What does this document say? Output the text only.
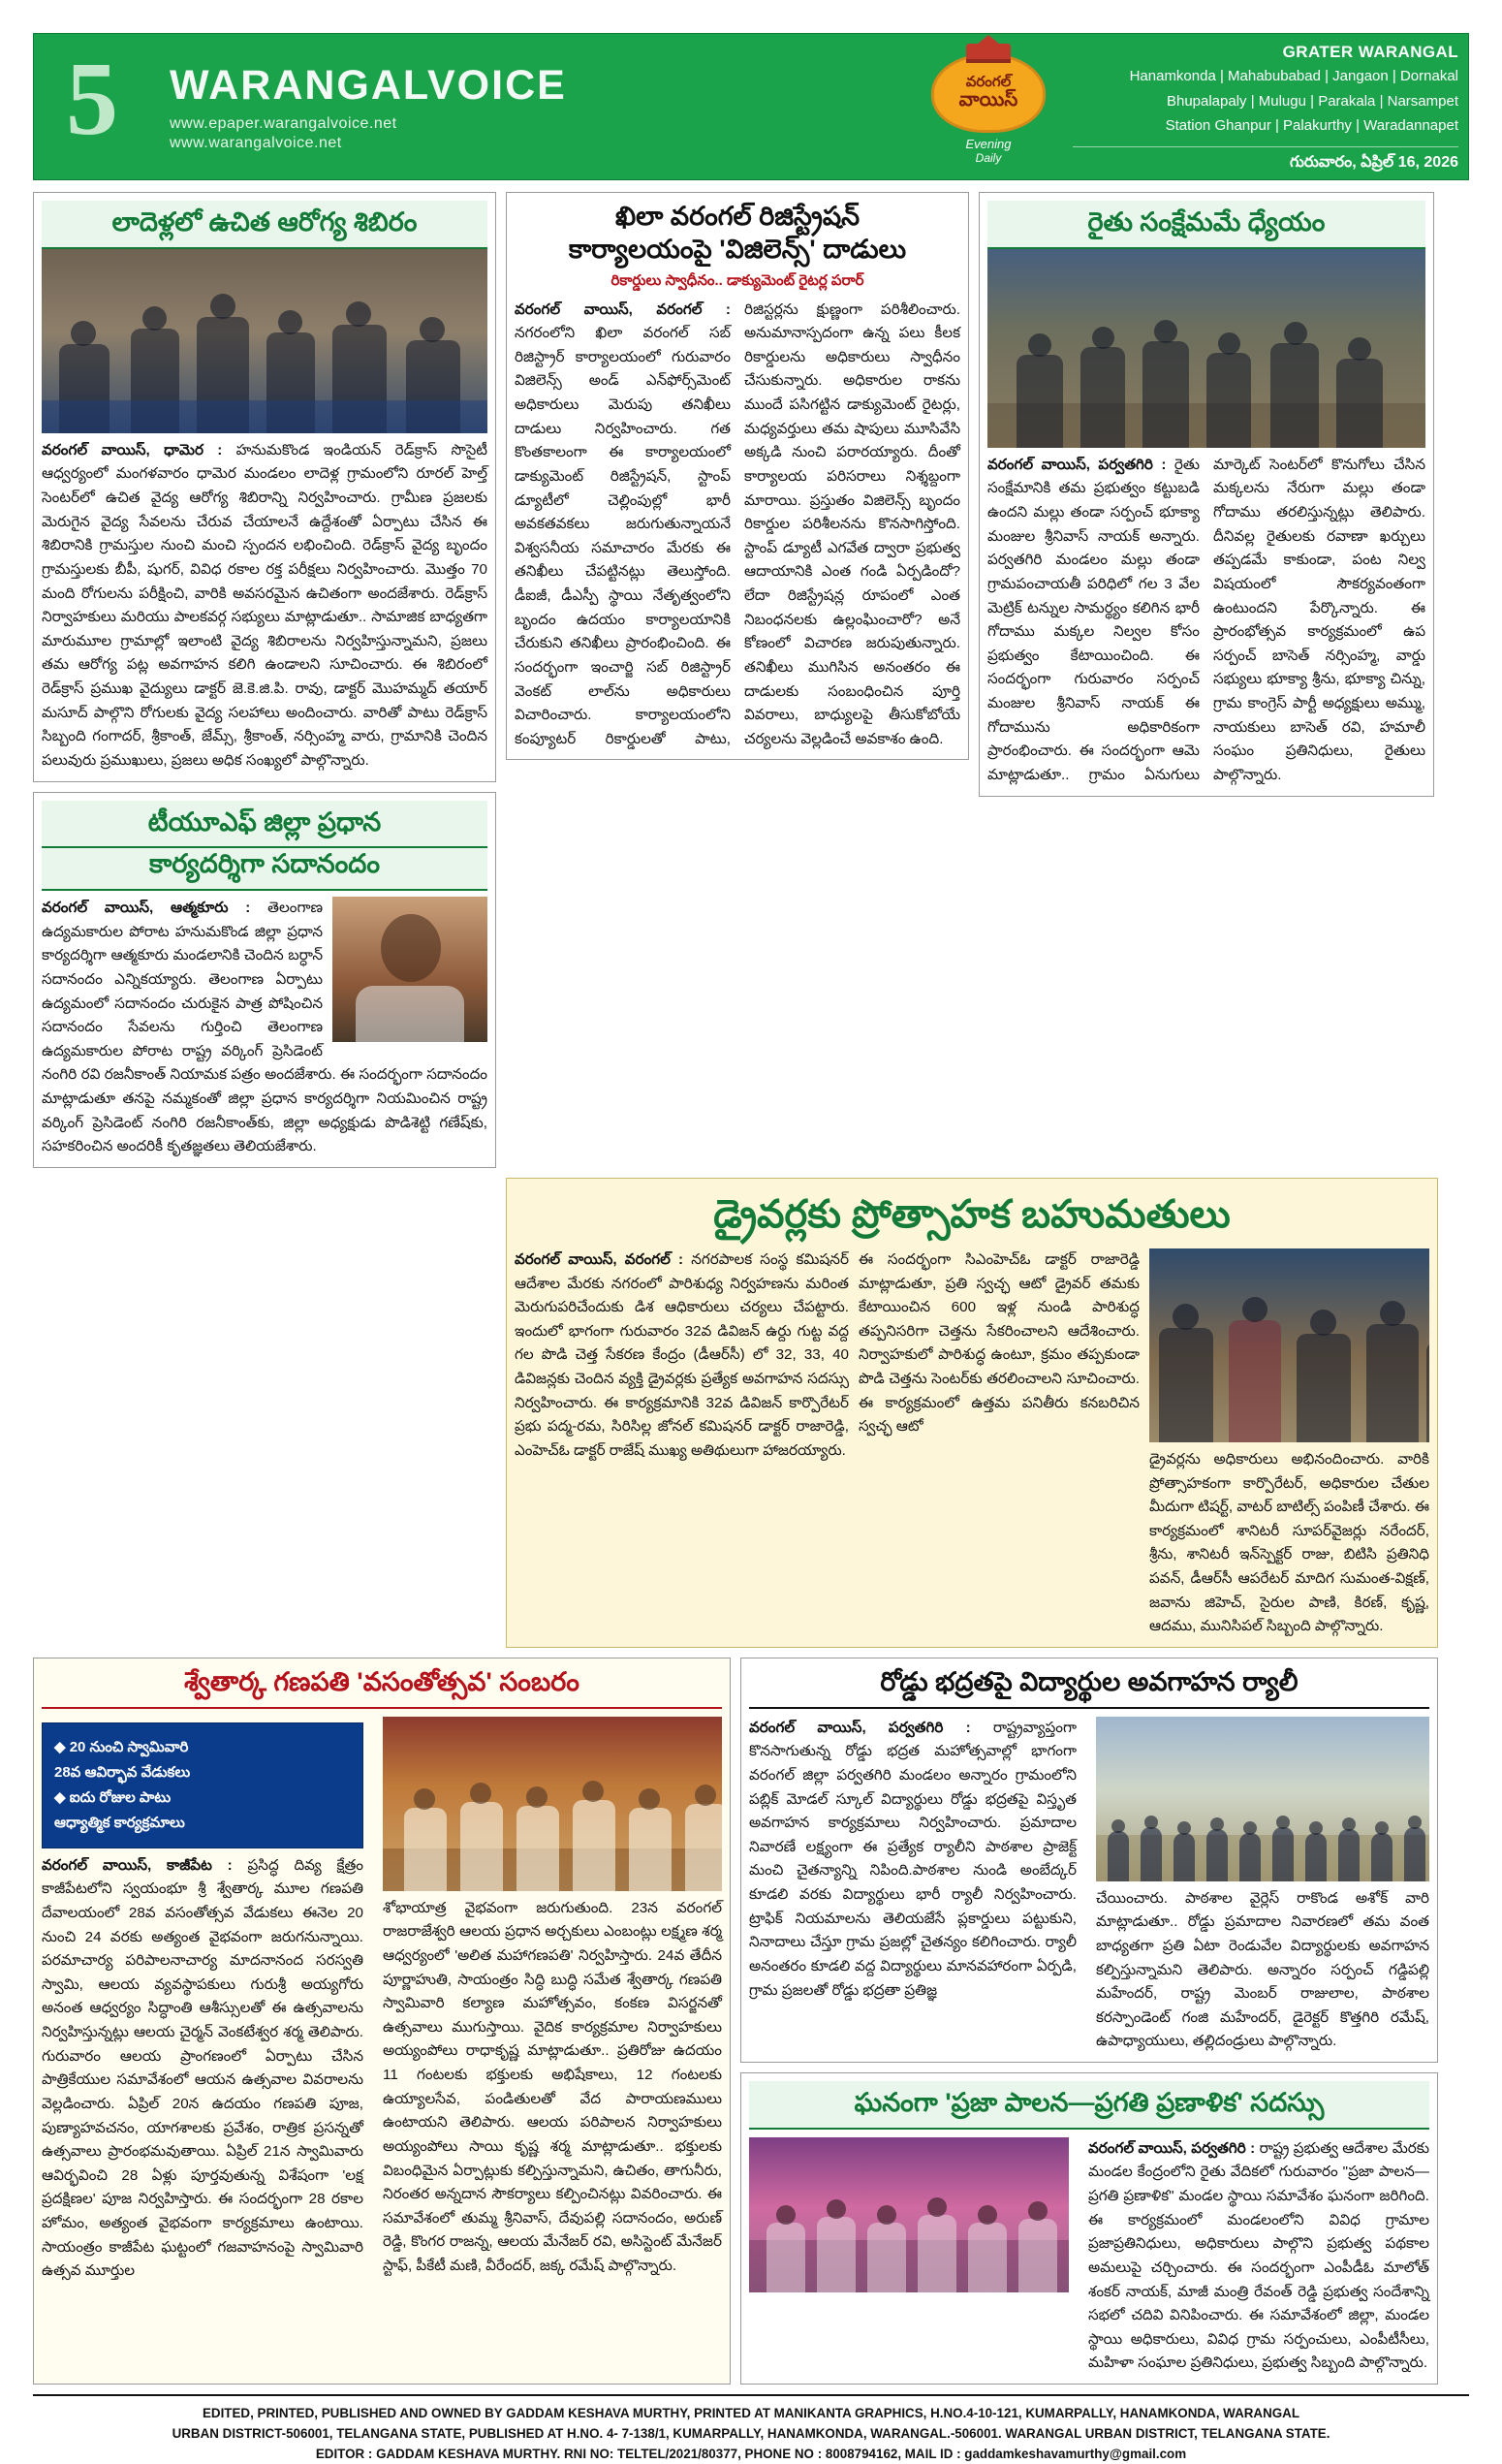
5	WARANGALVOICE
www.epaper.warangalvoice.net
www.warangalvoice.net
వరంగల్
వాయిస్
Evening
Daily
GRATER WARANGAL
Hanamkonda | Mahabubabad | Jangaon | Dornakal
Bhupalapaly | Mulugu | Parakala | Narsampet
Station Ghanpur | Palakurthy | Waradannapet
గురువారం, ఏప్రిల్ 16, 2026
లాదెళ్లలో ఉచిత ఆరోగ్య శిబిరం
వరంగల్ వాయిస్, ధామెర : హనుమకొండ ఇండియన్ రెడ్‌క్రాస్ సొసైటీ ఆధ్వర్యంలో మంగళవారం ధామెర మండలం లాదెళ్ల గ్రామంలోని రూరల్ హెల్త్ సెంటర్‌లో ఉచిత వైద్య ఆరోగ్య శిబిరాన్ని నిర్వహించారు. గ్రామీణ ప్రజలకు మెరుగైన వైద్య సేవలను చేరువ చేయాలనే ఉద్దేశంతో ఏర్పాటు చేసిన ఈ శిబిరానికి గ్రామస్తుల నుంచి మంచి స్పందన లభించింది. రెడ్‌క్రాస్ వైద్య బృందం గ్రామస్తులకు బీపీ, షుగర్, వివిధ రకాల రక్త పరీక్షలు నిర్వహించారు. మొత్తం 70 మంది రోగులను పరీక్షించి, వారికి అవసరమైన ఉచితంగా అందజేశారు. రెడ్‌క్రాస్ నిర్వాహకులు మరియు పాలకవర్గ సభ్యులు మాట్లాడుతూ.. సామాజిక బాధ్యతగా మారుమూల గ్రామాల్లో ఇలాంటి వైద్య శిబిరాలను నిర్వహిస్తున్నామని, ప్రజలు తమ ఆరోగ్య పట్ల అవగాహన కలిగి ఉండాలని సూచించారు. ఈ శిబిరంలో రెడ్‌క్రాస్ ప్రముఖ వైద్యులు డాక్టర్ జె.కె.జి.పి. రావు, డాక్టర్ మొహమ్మద్ తయార్ మసూద్ పాల్గొని రోగులకు వైద్య సలహాలు అందించారు. వారితో పాటు రెడ్‌క్రాస్ సిబ్బంది గంగాదర్, శ్రీకాంత్, జేమ్స్, శ్రీకాంత్, నర్సింహ్మ వారు, గ్రామానికి చెందిన పలువురు ప్రముఖులు, ప్రజలు అధిక సంఖ్యలో పాల్గొన్నారు.
టీయూఎఫ్ జిల్లా ప్రధాన
కార్యదర్శిగా సదానందం
వరంగల్ వాయిస్, ఆత్మకూరు : తెలంగాణ ఉద్యమకారుల పోరాట హనుమకొండ జిల్లా ప్రధాన కార్యదర్శిగా ఆత్మకూరు మండలానికి చెందిన బర్ధాన్ సదానందం ఎన్నికయ్యారు. తెలంగాణ ఏర్పాటు ఉద్యమంలో సదానందం చురుకైన పాత్ర పోషించిన సదానందం సేవలను గుర్తించి తెలంగాణ ఉద్యమకారుల పోరాట రాష్ట్ర వర్కింగ్ ప్రెసిడెంట్ నంగిరి రవి రజనీకాంత్ నియామక పత్రం అందజేశారు. ఈ సందర్భంగా సదానందం మాట్లాడుతూ తనపై నమ్మకంతో జిల్లా ప్రధాన కార్యదర్శిగా నియమించిన రాష్ట్ర వర్కింగ్ ప్రెసిడెంట్ నంగిరి రజనీకాంత్‌కు, జిల్లా అధ్యక్షుడు పొడిశెట్టి గణేష్‌కు, సహకరించిన అందరికీ కృతజ్ఞతలు తెలియజేశారు.
ఖిలా వరంగల్ రిజిస్ట్రేషన్
కార్యాలయంపై 'విజిలెన్స్' దాడులు
రికార్డులు స్వాధీనం.. డాక్యుమెంట్ రైటర్ల పరార్
వరంగల్ వాయిస్, వరంగల్ : నగరంలోని ఖిలా వరంగల్ సబ్ రిజిస్ట్రార్ కార్యాలయంలో గురువారం విజిలెన్స్ అండ్ ఎన్‌ఫోర్స్‌మెంట్ అధికారులు మెరుపు తనిఖీలు దాడులు నిర్వహించారు. గత కొంతకాలంగా ఈ కార్యాలయంలో డాక్యుమెంట్ రిజిస్ట్రేషన్, స్టాంప్ డ్యూటీలో చెల్లింపుల్లో భారీ అవకతవకలు జరుగుతున్నాయనే విశ్వసనీయ సమాచారం మేరకు ఈ తనిఖీలు చేపట్టినట్లు తెలుస్తోంది. డీఐజీ, డీఎస్పీ స్థాయి నేతృత్వంలోని బృందం ఉదయం కార్యాలయానికి చేరుకుని తనిఖీలు ప్రారంభించింది. ఈ సందర్భంగా ఇంచార్జి సబ్ రిజిస్ట్రార్ వెంకట్ లాల్‌ను అధికారులు విచారించారు. కార్యాలయంలోని కంప్యూటర్ రికార్డులతో పాటు, రిజిస్టర్లను క్షుణ్ణంగా పరిశీలించారు. అనుమానాస్పదంగా ఉన్న పలు కీలక రికార్డులను అధికారులు స్వాధీనం చేసుకున్నారు. అధికారుల రాకను ముందే పసిగట్టిన డాక్యుమెంట్ రైటర్లు, మధ్యవర్తులు తమ షాపులు మూసివేసి అక్కడి నుంచి పరారయ్యారు. దీంతో కార్యాలయ పరిసరాలు నిశ్శబ్దంగా మారాయి. ప్రస్తుతం విజిలెన్స్ బృందం రికార్డుల పరిశీలనను కొనసాగిస్తోంది. స్టాంప్ డ్యూటీ ఎగవేత ద్వారా ప్రభుత్వ ఆదాయానికి ఎంత గండి ఏర్పడిందో? లేదా రిజిస్ట్రేషన్ల రూపంలో ఎంత నిబంధనలకు ఉల్లంఘించారో? అనే కోణంలో విచారణ జరుపుతున్నారు. తనిఖీలు ముగిసిన అనంతరం ఈ దాడులకు సంబంధించిన పూర్తి వివరాలు, బాధ్యులపై తీసుకోబోయే చర్యలను వెల్లడించే అవకాశం ఉంది.
రైతు సంక్షేమమే ధ్యేయం
వరంగల్ వాయిస్, పర్వతగిరి : రైతు సంక్షేమానికి తమ ప్రభుత్వం కట్టుబడి ఉందని మల్లు తండా సర్పంచ్ భూక్యా మంజుల శ్రీనివాస్ నాయక్ అన్నారు. పర్వతగిరి మండలం మల్లు తండా గ్రామపంచాయతీ పరిధిలో గల 3 వేల మెట్రిక్ టన్నుల సామర్థ్యం కలిగిన భారీ గోదాము మక్కల నిల్వల కోసం ప్రభుత్వం కేటాయించింది. ఈ సందర్భంగా గురువారం సర్పంచ్ మంజుల శ్రీనివాస్ నాయక్ ఈ గోదామును అధికారికంగా ప్రారంభించారు. ఈ సందర్భంగా ఆమె మాట్లాడుతూ.. గ్రామం ఏనుగులు మార్కెట్ సెంటర్‌లో కొనుగోలు చేసిన మక్కలను నేరుగా మల్లు తండా గోదాము తరలిస్తున్నట్లు తెలిపారు. దీనివల్ల రైతులకు రవాణా ఖర్చులు తప్పడమే కాకుండా, పంట నిల్వ విషయంలో సౌకర్యవంతంగా ఉంటుందని పేర్కొన్నారు. ఈ ప్రారంభోత్సవ కార్యక్రమంలో ఉప సర్పంచ్ బాసెత్ నర్సింహ్మ, వార్డు సభ్యులు భూక్యా శ్రీను, భూక్యా చిన్ను, గ్రామ కాంగ్రెస్ పార్టీ అధ్యక్షులు అమ్ము, నాయకులు బాసెత్ రవి, హమాలీ సంఘం ప్రతినిధులు, రైతులు పాల్గొన్నారు.
డ్రైవర్లకు ప్రోత్సాహక బహుమతులు
వరంగల్ వాయిస్, వరంగల్ : నగరపాలక సంస్థ కమిషనర్ ఆదేశాల మేరకు నగరంలో పారిశుధ్య నిర్వహణను మరింత మెరుగుపరిచేందుకు డిశ ఆధికారులు చర్యలు చేపట్టారు. ఇందులో భాగంగా గురువారం 32వ డివిజన్ ఉర్దు గుట్ట వద్ద గల పొడి చెత్త సేకరణ కేంద్రం (డీఆర్‌సీ) లో 32, 33, 40 డివిజన్లకు చెందిన వ్యక్తి డ్రైవర్లకు ప్రత్యేక అవగాహన సదస్సు నిర్వహించారు. ఈ కార్యక్రమానికి 32వ డివిజన్ కార్పొరేటర్ ప్రభు పద్మ-రమ, సిరిసిల్ల జోనల్ కమిషనర్ డాక్టర్ రాజారెడ్డి, ఎంహెచ్‌ఓ డాక్టర్ రాజేష్ ముఖ్య అతిథులుగా హాజరయ్యారు.
ఈ సందర్భంగా సిఎంహెచ్‌ఓ డాక్టర్ రాజారెడ్డి మాట్లాడుతూ, ప్రతి స్వచ్ఛ ఆటో డ్రైవర్ తమకు కేటాయించిన 600 ఇళ్ల నుండి పారిశుద్ధ తప్పనిసరిగా చెత్తను సేకరించాలని ఆదేశించారు. నిర్వాహకులో పారిశుద్ధ ఉంటూ, క్రమం తప్పకుండా పొడి చెత్తను సెంటర్‌కు తరలించాలని సూచించారు. ఈ కార్యక్రమంలో ఉత్తమ పనితీరు కనబరిచిన స్వచ్ఛ ఆటో
డ్రైవర్లను అధికారులు అభినందించారు. వారికి ప్రోత్సాహకంగా కార్పొరేటర్, అధికారుల చేతుల మీదుగా టిషర్ట్, వాటర్ బాటిల్స్ పంపిణీ చేశారు. ఈ కార్యక్రమంలో శానిటరీ సూపర్‌వైజర్లు నరేందర్, శ్రీను, శానిటరీ ఇన్‌స్పెక్టర్ రాజు, బిటిసి ప్రతినిధి పవన్, డీఆర్‌సీ ఆపరేటర్ మాదిగ సుమంత-విక్షణ్, జవాను జిహెచ్, సైరుల పాణి, కిరణ్, కృష్ణ, ఆదము, మునిసిపల్ సిబ్బంది పాల్గొన్నారు.
శ్వేతార్క గణపతి 'వసంతోత్సవ' సంబరం
◆ 20 నుంచి స్వామివారి
28వ ఆవిర్భావ వేడుకలు
◆ ఐదు రోజుల పాటు
ఆధ్యాత్మిక కార్యక్రమాలు
వరంగల్ వాయిస్, కాజీపేట : ప్రసిద్ధ దివ్య క్షేత్రం కాజీపేటలోని స్వయంభూ శ్రీ శ్వేతార్క మూల గణపతి దేవాలయంలో 28వ వసంతోత్సవ వేడుకలు ఈనెల 20 నుంచి 24 వరకు అత్యంత వైభవంగా జరుగనున్నాయి. పరమాచార్య పరిపాలనాచార్య మాదనానంద సరస్వతి స్వామి, ఆలయ వ్యవస్థాపకులు గురుశ్రీ అయ్యగోరు అనంత ఆధ్వర్యం సిద్ధాంతి ఆశీస్సులతో ఈ ఉత్సవాలను నిర్వహిస్తున్నట్లు ఆలయ చైర్మన్ వెంకటేశ్వర శర్మ తెలిపారు. గురువారం ఆలయ ప్రాంగణంలో ఏర్పాటు చేసిన పాత్రికేయుల సమావేశంలో ఆయన ఉత్సవాల వివరాలను వెల్లడించారు. ఏప్రిల్ 20న ఉదయం గణపతి పూజ, పుణ్యాహవచనం, యాగశాలకు ప్రవేశం, రాత్రిక ప్రసన్నతో ఉత్సవాలు ప్రారంభమవుతాయి. ఏప్రిల్ 21న స్వామివారు ఆవిర్భవించి 28 ఏళ్లు పూర్తవుతున్న విశేషంగా 'లక్ష ప్రదక్షిణల' పూజ నిర్వహిస్తారు. ఈ సందర్భంగా 28 రకాల హోమం, అత్యంత వైభవంగా కార్యక్రమాలు ఉంటాయి. సాయంత్రం కాజీపేట ఘట్టంలో గజవాహనంపై స్వామివారి ఉత్సవ మూర్తుల
శోభాయాత్ర వైభవంగా జరుగుతుంది. 23న వరంగల్ రాజరాజేశ్వరి ఆలయ ప్రధాన అర్చకులు ఎంబంట్లు లక్ష్మణ శర్మ ఆధ్వర్యంలో 'అలిత మహాగణపతి' నిర్వహిస్తారు. 24వ తేదీన పూర్ణాహుతి, సాయంత్రం సిద్ధి బుద్ధి సమేత శ్వేతార్క గణపతి స్వామివారి కల్యాణ మహోత్సవం, కంకణ విసర్జనతో ఉత్సవాలు ముగుస్తాయి. వైదిక కార్యక్రమాల నిర్వాహకులు అయ్యంపోలు రాధాకృష్ణ మాట్లాడుతూ.. ప్రతిరోజు ఉదయం 11 గంటలకు భక్తులకు అభిషేకాలు, 12 గంటలకు ఉయ్యాలసేవ, పండితులతో వేద పారాయణములు ఉంటాయని తెలిపారు. ఆలయ పరిపాలన నిర్వాహకులు అయ్యంపోలు సాయి కృష్ణ శర్మ మాట్లాడుతూ.. భక్తులకు విబంధిమైన ఏర్పాట్లుకు కల్పిస్తున్నామని, ఉచితం, తాగునీరు, నిరంతర అన్నదాన సౌకర్యాలు కల్పించినట్లు వివరించారు. ఈ సమావేశంలో తుమ్మ శ్రీనివాస్, దేవుపల్లి సదానందం, అరుణ్ రెడ్డి, కొంగర రాజన్న, ఆలయ మేనేజర్ రవి, అసిస్టెంట్ మేనేజర్ స్టాఫ్, పీకేటీ మణి, వీరేందర్, జక్క రమేష్ పాల్గొన్నారు.
రోడ్డు భద్రతపై విద్యార్థుల అవగాహన ర్యాలీ
వరంగల్ వాయిస్, పర్వతగిరి : రాష్ట్రవ్యాప్తంగా కొనసాగుతున్న రోడ్డు భద్రత మహోత్సవాల్లో భాగంగా వరంగల్ జిల్లా పర్వతగిరి మండలం అన్నారం గ్రామంలోని పబ్లిక్ మోడల్ స్కూల్ విద్యార్థులు రోడ్డు భద్రతపై విస్తృత అవగాహన కార్యక్రమాలు నిర్వహించారు. ప్రమాదాల నివారణే లక్ష్యంగా ఈ ప్రత్యేక ర్యాలీని పాఠశాల ప్రాజెక్ట్ మంచి చైతన్యాన్ని నిపింది.పాఠశాల నుండి అంబేద్కర్ కూడలి వరకు విద్యార్థులు భారీ ర్యాలీ నిర్వహించారు. ట్రాఫిక్ నియమాలను తెలియజేసే ప్లకార్డులు పట్టుకుని, నినాదాలు చేస్తూ గ్రామ ప్రజల్లో చైతన్యం కలిగించారు. ర్యాలీ అనంతరం కూడలి వద్ద విద్యార్థులు మానవహారంగా ఏర్పడి, గ్రామ ప్రజలతో రోడ్డు భద్రతా ప్రతిజ్ఞ
చేయించారు. పాఠశాల వైర్లెస్ రాకొండ అశోక్ వారి మాట్లాడుతూ.. రోడ్డు ప్రమాదాల నివారణలో తమ వంత బాధ్యతగా ప్రతి ఏటా రెండువేల విద్యార్థులకు అవగాహన కల్పిస్తున్నామని తెలిపారు. అన్నారం సర్పంచ్ గడ్డిపల్లి మహేందర్, రాష్ట్ర మెంబర్ రాజులాల, పాఠశాల కరస్పాండెంట్ గంజి మహేందర్, డైరెక్టర్ కొత్తగిరి రమేష్, ఉపాధ్యాయులు, తల్లిదండ్రులు పాల్గొన్నారు.
ఘనంగా 'ప్రజా పాలన—ప్రగతి ప్రణాళిక' సదస్సు
వరంగల్ వాయిస్, పర్వతగిరి : రాష్ట్ర ప్రభుత్వ ఆదేశాల మేరకు మండల కేంద్రంలోని రైతు వేదికలో గురువారం "ప్రజా పాలన—ప్రగతి ప్రణాళిక" మండల స్థాయి సమావేశం ఘనంగా జరిగింది. ఈ కార్యక్రమంలో మండలంలోని వివిధ గ్రామాల ప్రజాప్రతినిధులు, అధికారులు పాల్గొని ప్రభుత్వ పథకాల అమలుపై చర్చించారు. ఈ సందర్భంగా ఎంపీడీఓ మాలోత్ శంకర్ నాయక్, మాజీ మంత్రి రేవంత్ రెడ్డి ప్రభుత్వ సందేశాన్ని సభలో చదివి వినిపించారు. ఈ సమావేశంలో జిల్లా, మండల స్థాయి అధికారులు, వివిధ గ్రామ సర్పంచులు, ఎంపీటీసీలు, మహిళా సంఘాల ప్రతినిధులు, ప్రభుత్వ సిబ్బంది పాల్గొన్నారు.
EDITED, PRINTED, PUBLISHED AND OWNED BY GADDAM KESHAVA MURTHY, PRINTED AT MANIKANTA GRAPHICS, H.NO.4-10-121, KUMARPALLY, HANAMKONDA, WARANGAL
URBAN DISTRICT-506001, TELANGANA STATE, PUBLISHED AT H.NO. 4- 7-138/1, KUMARPALLY, HANAMKONDA, WARANGAL.-506001. WARANGAL URBAN DISTRICT, TELANGANA STATE.
EDITOR : GADDAM KESHAVA MURTHY. RNI NO: TELTEL/2021/80377, PHONE NO : 8008794162, MAIL ID : gaddamkeshavamurthy@gmail.com
